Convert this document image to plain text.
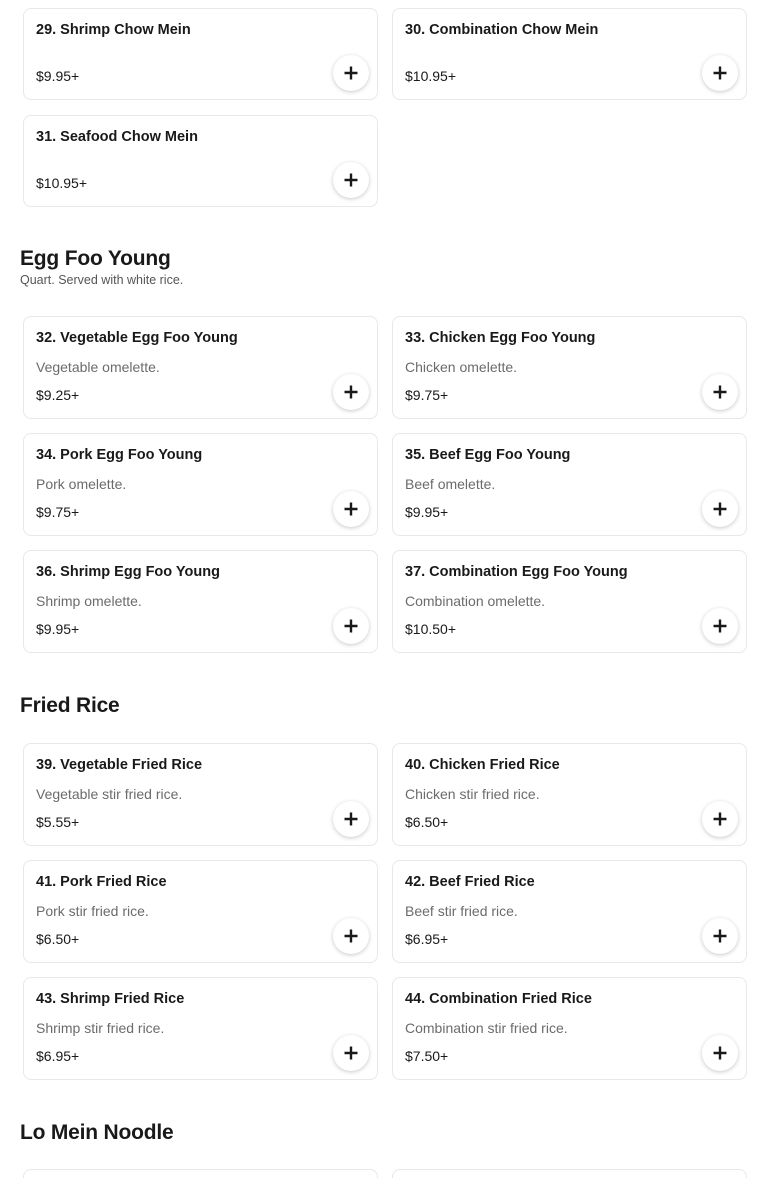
29. Shrimp Chow Mein
$9.95+
30. Combination Chow Mein
$10.95+
31. Seafood Chow Mein
$10.95+
Egg Foo Young
Quart. Served with white rice.
32. Vegetable Egg Foo Young
Vegetable omelette.
$9.25+
33. Chicken Egg Foo Young
Chicken omelette.
$9.75+
34. Pork Egg Foo Young
Pork omelette.
$9.75+
35. Beef Egg Foo Young
Beef omelette.
$9.95+
36. Shrimp Egg Foo Young
Shrimp omelette.
$9.95+
37. Combination Egg Foo Young
Combination omelette.
$10.50+
Fried Rice
39. Vegetable Fried Rice
Vegetable stir fried rice.
$5.55+
40. Chicken Fried Rice
Chicken stir fried rice.
$6.50+
41. Pork Fried Rice
Pork stir fried rice.
$6.50+
42. Beef Fried Rice
Beef stir fried rice.
$6.95+
43. Shrimp Fried Rice
Shrimp stir fried rice.
$6.95+
44. Combination Fried Rice
Combination stir fried rice.
$7.50+
Lo Mein Noodle
